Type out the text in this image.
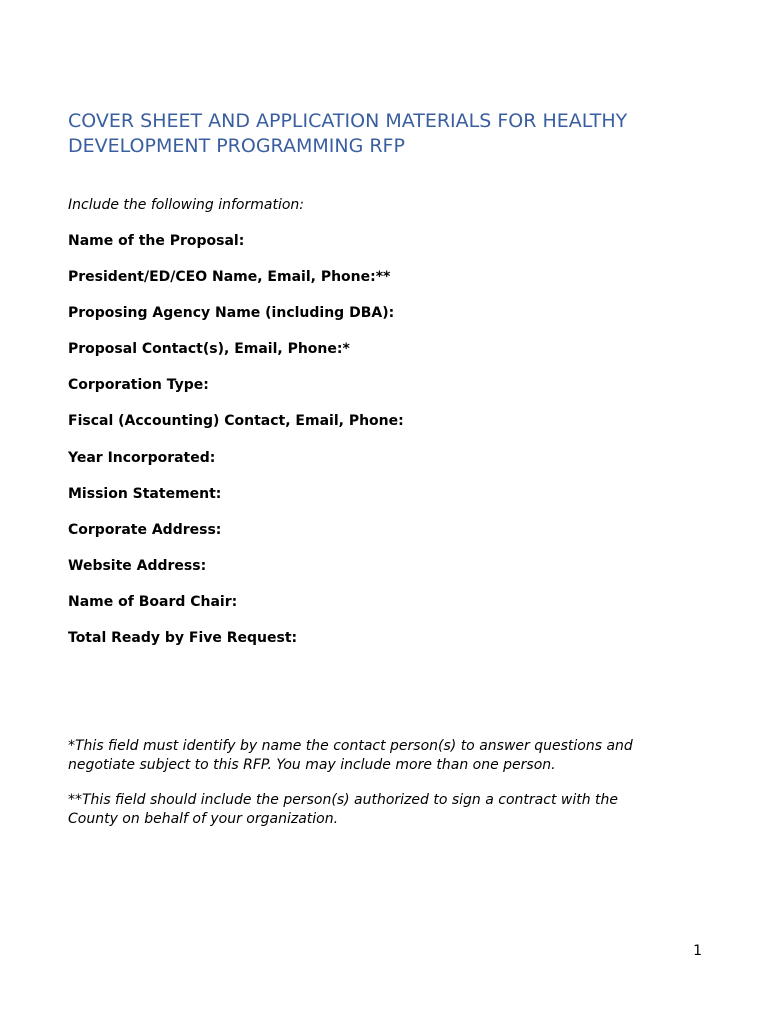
COVER SHEET AND APPLICATION MATERIALS FOR HEALTHY
DEVELOPMENT PROGRAMMING RFP

Include the following information:

Name of the Proposal:
President/ED/CEO Name, Email, Phone:**
Proposing Agency Name (including DBA):
Proposal Contact(s), Email, Phone:*
Corporation Type:
Fiscal (Accounting) Contact, Email, Phone:
Year Incorporated:
Mission Statement:
Corporate Address:
Website Address:
Name of Board Chair:
Total Ready by Five Request:

*This field must identify by name the contact person(s) to answer questions and
negotiate subject to this RFP. You may include more than one person.

**This field should include the person(s) authorized to sign a contract with the
County on behalf of your organization.

1
